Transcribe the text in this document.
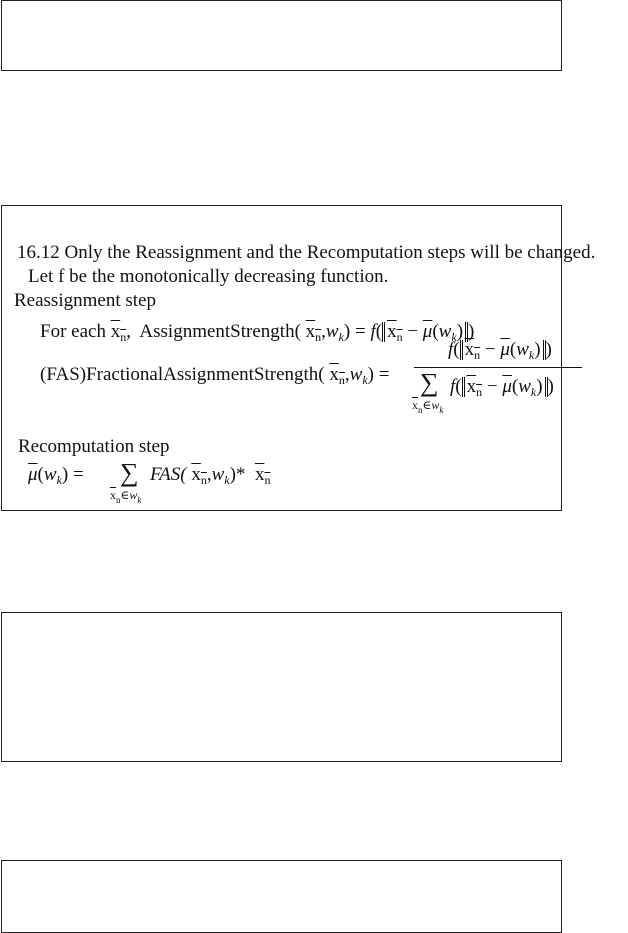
16.12 Only the Reassignment and the Recomputation steps will be changed.
Let f be the monotonically decreasing function.
Reassignment step
For each $x_n$,  AssignmentStrength( $x_n,w_k) = f$( $x_n - \overline{\mu}(w_k)$ )
(FAS)FractionalAssignmentStrength( $x_n,w_k$) =
f( $x_n - \overline{\mu}(w_k)$ )
∑
$\overline{x}_n\in w_k$
f( $x_n - \overline{\mu}(w_k)$ )
Recomputation step
$\overline{\mu}(w_k)$ = ∑
$\overline{x}_n\in w_k$
FAS( $x_n,w_k)*$ $x_n$
